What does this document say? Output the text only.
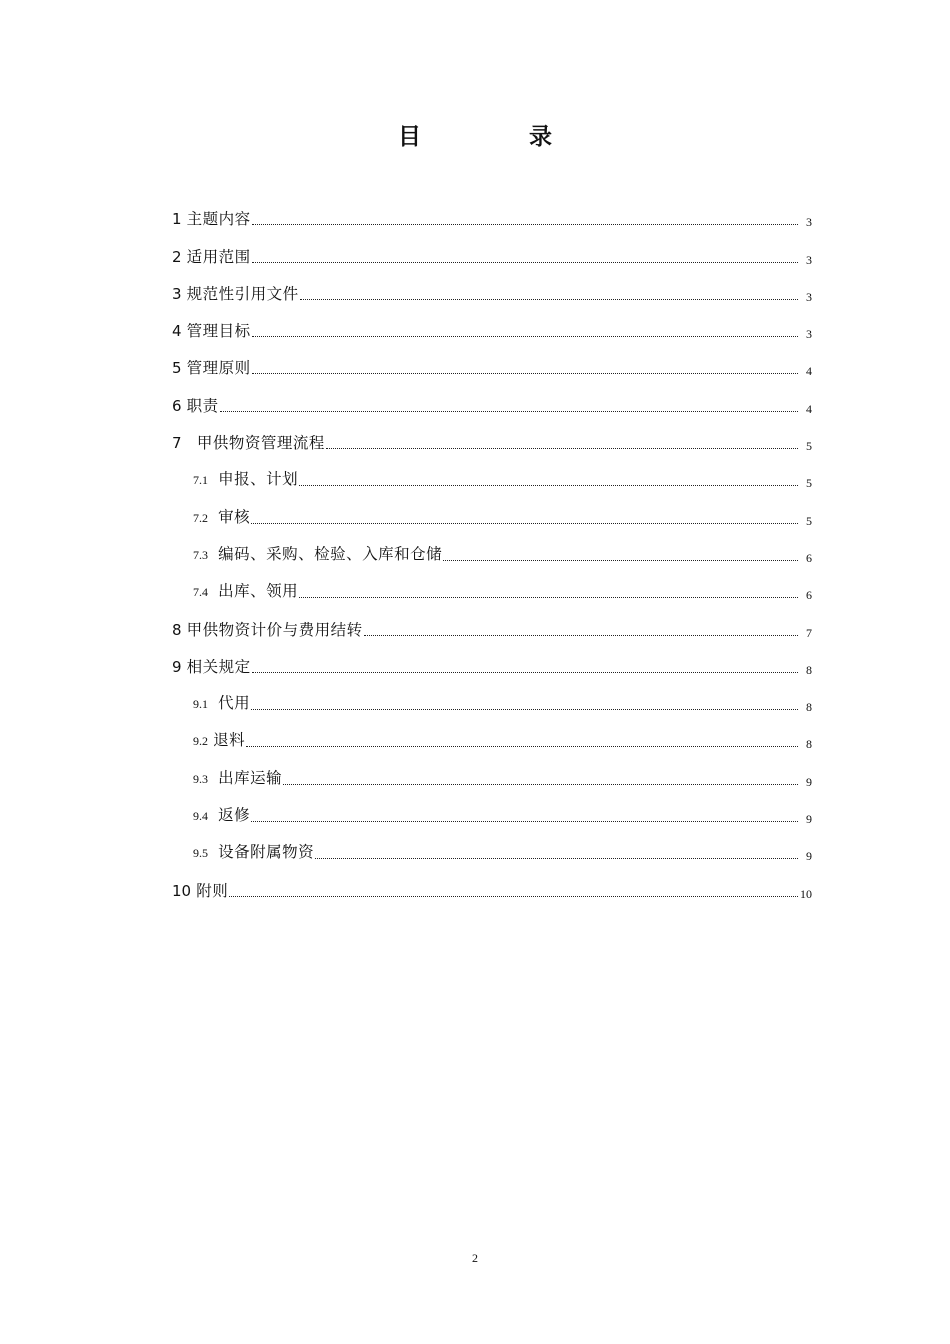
目	录
1 主题内容	3
2 适用范围	3
3 规范性引用文件	3
4 管理目标	3
5 管理原则	4
6 职责	4
7 甲供物资管理流程	5
7.1 申报、计划	5
7.2 审核	5
7.3 编码、采购、检验、入库和仓储	6
7.4 出库、领用	6
8 甲供物资计价与费用结转	7
9 相关规定	8
9.1 代用	8
9.2 退料	8
9.3 出库运输	9
9.4 返修	9
9.5 设备附属物资	9
10 附则	10
2
